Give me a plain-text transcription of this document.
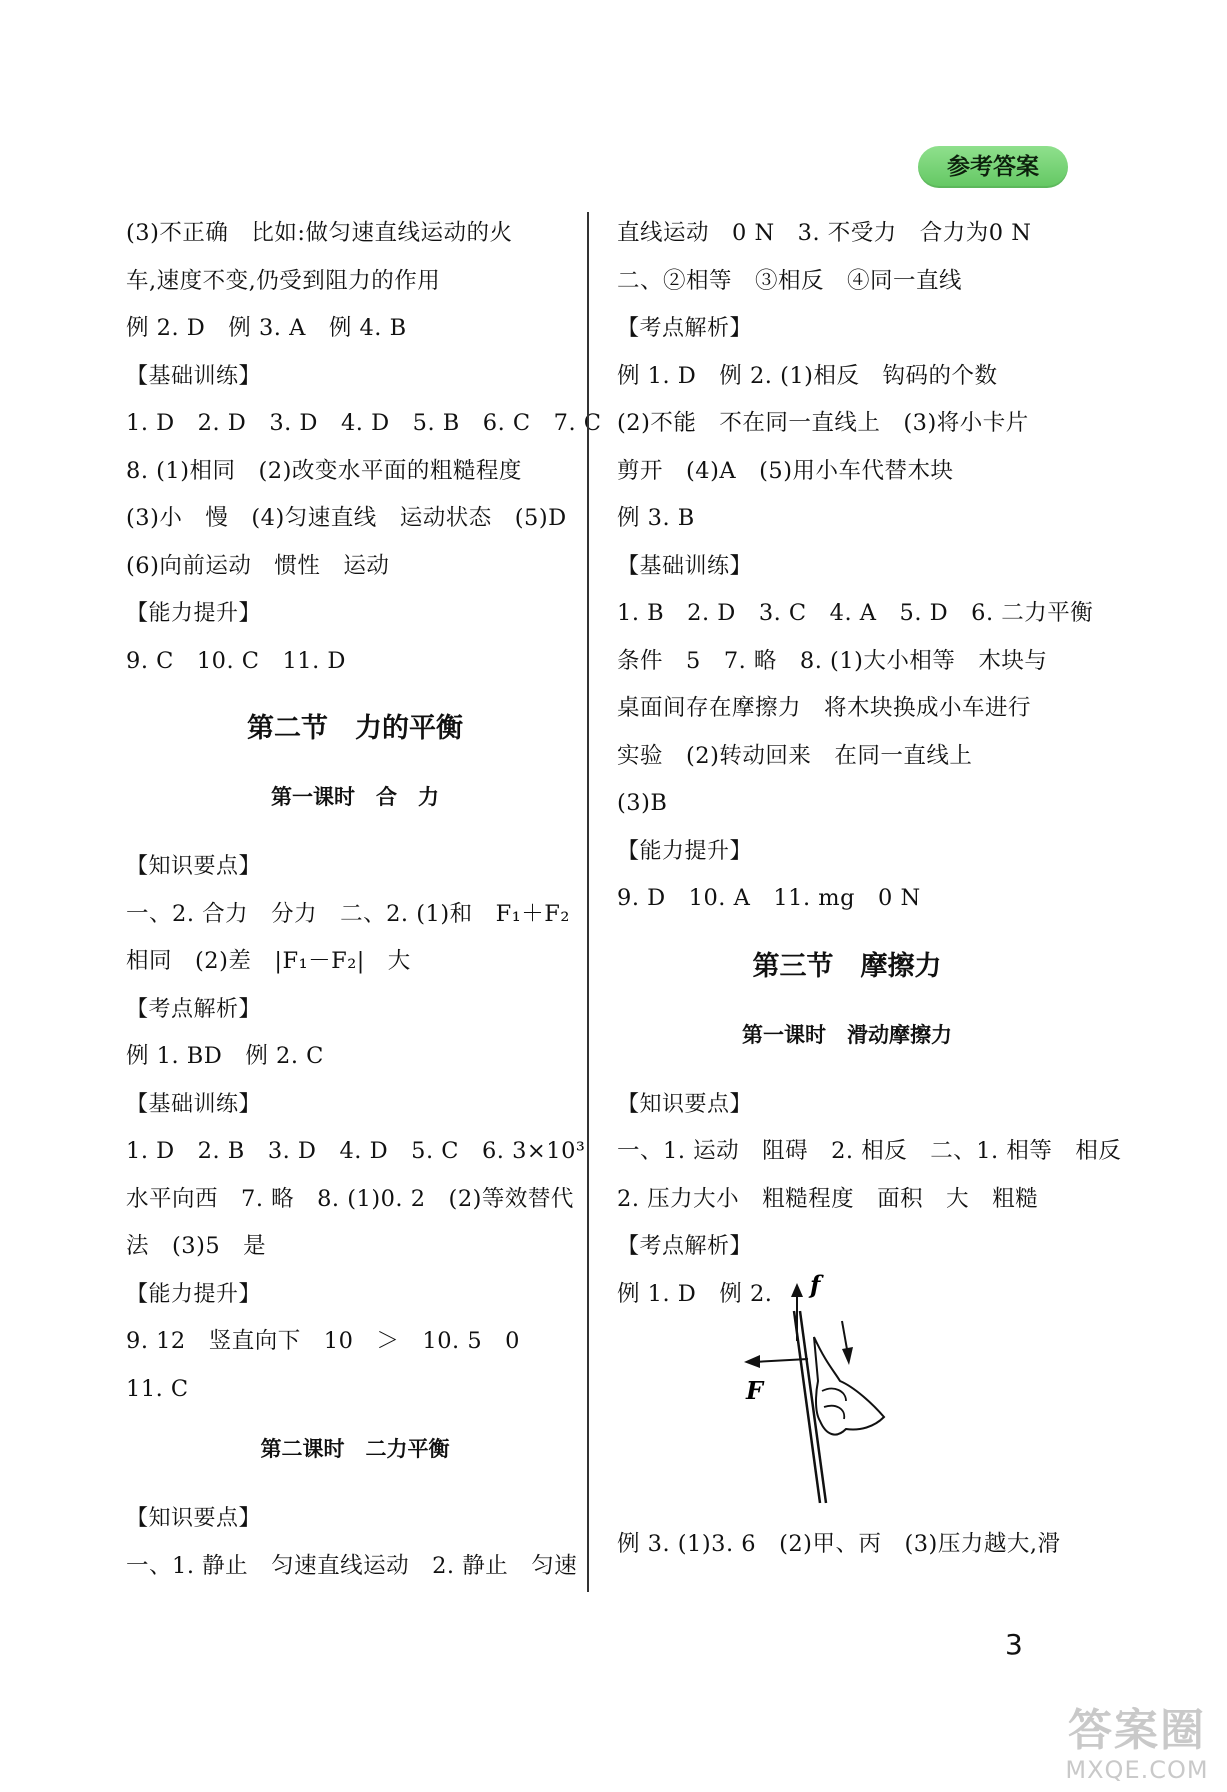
参考答案
(3)不正确　比如:做匀速直线运动的火
车,速度不变,仍受到阻力的作用
例 2. D　例 3. A　例 4. B
【基础训练】
1. D　2. D　3. D　4. D　5. B　6. C　7. C
8. (1)相同　(2)改变水平面的粗糙程度
(3)小　慢　(4)匀速直线　运动状态　(5)D
(6)向前运动　惯性　运动
【能力提升】
9. C　10. C　11. D
第二节　力的平衡
第一课时　合　力
【知识要点】
一、2. 合力　分力　二、2. (1)和　F₁＋F₂
相同　(2)差　|F₁－F₂|　大
【考点解析】
例 1. BD　例 2. C
【基础训练】
1. D　2. B　3. D　4. D　5. C　6. 3×10³
水平向西　7. 略　8. (1)0. 2　(2)等效替代
法　(3)5　是
【能力提升】
9. 12　竖直向下　10　＞　10. 5　0
11. C
第二课时　二力平衡
【知识要点】
一、1. 静止　匀速直线运动　2. 静止　匀速
直线运动　0 N　3. 不受力　合力为0 N
二、②相等　③相反　④同一直线
【考点解析】
例 1. D　例 2. (1)相反　钩码的个数
(2)不能　不在同一直线上　(3)将小卡片
剪开　(4)A　(5)用小车代替木块
例 3. B
【基础训练】
1. B　2. D　3. C　4. A　5. D　6. 二力平衡
条件　5　7. 略　8. (1)大小相等　木块与
桌面间存在摩擦力　将木块换成小车进行
实验　(2)转动回来　在同一直线上
(3)B
【能力提升】
9. D　10. A　11. mg　0 N
第三节　摩擦力
第一课时　滑动摩擦力
【知识要点】
一、1. 运动　阻碍　2. 相反　二、1. 相等　相反
2. 压力大小　粗糙程度　面积　大　粗糙
【考点解析】
例 1. D　例 2. f
F
例 3. (1)3. 6　(2)甲、丙　(3)压力越大,滑
3
答案圈
MXQE.COM
